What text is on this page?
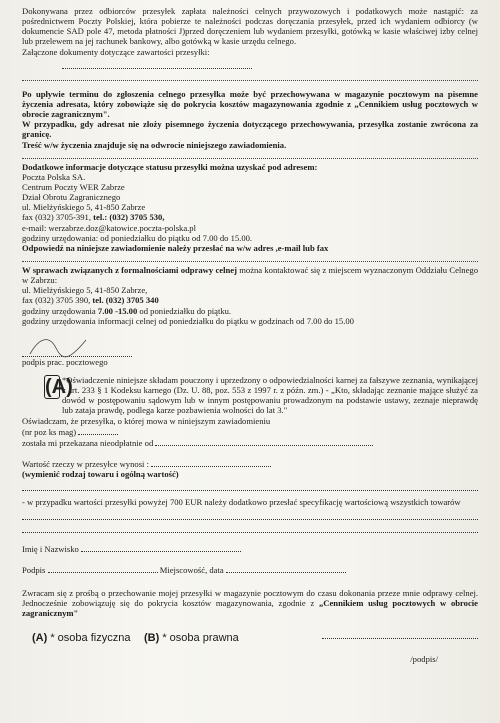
Dokonywana przez odbiorców przesyłek zapłata należności celnych przywozowych i podatkowych może nastąpić: za pośrednictwem Poczty Polskiej, która pobierze te należności podczas doręczania przesyłek, przed ich wydaniem odbiorcy (w dokumencie SAD pole 47, metoda płatności J)przed doręczeniem lub wydaniem przesyłki, gotówką w kasie właściwej izby celnej lub przelewem na jej rachunek bankowy, albo gotówką w kasie urzędu celnego.

Załączone dokumenty dotyczące zawartości przesyłki:

Po upływie terminu do zgłoszenia celnego przesyłka może być przechowywana w magazynie pocztowym na pisemne życzenia adresata, który zobowiąże się do pokrycia kosztów magazynowania zgodnie z „Cennikiem usług pocztowych w obrocie zagranicznym".

W przypadku, gdy adresat nie złoży pisemnego życzenia dotyczącego przechowywania, przesyłka zostanie zwrócona za granicę.

Treść w/w życzenia znajduje się na odwrocie niniejszego zawiadomienia.

Dodatkowe informacje dotyczące statusu przesyłki można uzyskać pod adresem:

Poczta Polska SA.

Centrum Poczty WER Zabrze

Dział Obrotu Zagranicznego

ul. Mielżyńskiego 5, 41-850 Zabrze

fax (032) 3705-391, tel.: (032) 3705 530,

e-mail: werzabrze.doz@katowice.poczta-polska.pl

godziny urzędowania: od poniedziałku do piątku od 7.00 do 15.00.

Odpowiedź na niniejsze zawiadomienie należy przesłać na w/w adres ,e-mail lub fax

W sprawach związanych z formalnościami odprawy celnej można kontaktować się z miejscem wyznaczonym Oddziału Celnego w Zabrzu:

ul. Mielżyńskiego 5, 41-850 Zabrze,

fax (032) 3705 390, tel. (032) 3705 340

godziny urzędowania 7.00 -15.00 od poniedziałku do piątku.

godziny urzędowania informacji celnej od poniedziałku do piątku w godzinach od 7.00 do 15.00

podpis prac. pocztowego

(A)

*Oświadczenie niniejsze składam pouczony i uprzedzony o odpowiedzialności karnej za fałszywe zeznania, wynikającej z art. 233 § 1 Kodeksu karnego (Dz. U. 88, poz. 553 z 1997 r. z późn. zm.) - „Kto, składając zeznanie mające służyć za dowód w postępowaniu sądowym lub w innym postępowaniu prowadzonym na podstawie ustawy, zeznaje nieprawdę lub zataja prawdę, podlega karze pozbawienia wolności do lat 3."

Oświadczam, że przesyłka, o której mowa w niniejszym zawiadomieniu

(nr poz ks mag)

została mi przekazana nieodpłatnie od

Wartość rzeczy w przesyłce wynosi :

(wymienić rodzaj towaru i ogólną wartość)

- w przypadku wartości przesyłki powyżej 700 EUR należy dodatkowo przesłać specyfikację wartościową wszystkich towarów

Imię i Nazwisko

Podpis	Miejscowość, data

Zwracam się z prośbą o przechowanie mojej przesyłki w magazynie pocztowym do czasu dokonania przeze mnie odprawy celnej. Jednocześnie zobowiązuję się do pokrycia kosztów magazynowania, zgodnie z „Cennikiem usług pocztowych w obrocie zagranicznym"

(A) * osoba fizyczna (B) * osoba prawna

/podpis/
